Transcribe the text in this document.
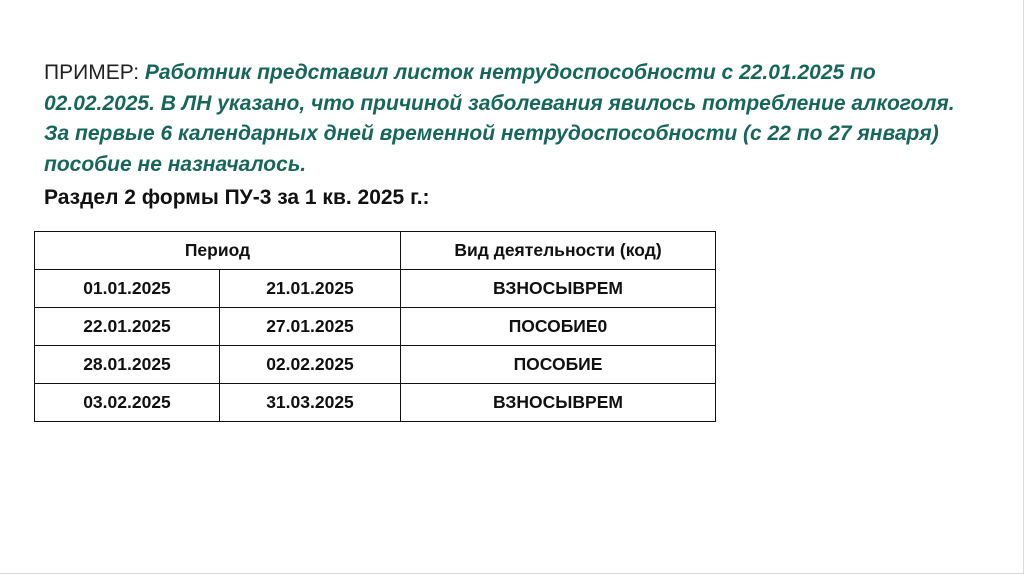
ПРИМЕР: Работник представил листок нетрудоспособности с 22.01.2025 по 02.02.2025. В ЛН указано, что причиной заболевания явилось потребление алкоголя. За первые 6 календарных дней временной нетрудоспособности (с 22 по 27 января) пособие не назначалось.
Раздел 2 формы ПУ-3 за 1 кв. 2025 г.:
Период		Вид деятельности (код)
01.01.2025	21.01.2025	ВЗНОСЫВРЕМ
22.01.2025	27.01.2025	ПОСОБИЕ0
28.01.2025	02.02.2025	ПОСОБИЕ
03.02.2025	31.03.2025	ВЗНОСЫВРЕМ
